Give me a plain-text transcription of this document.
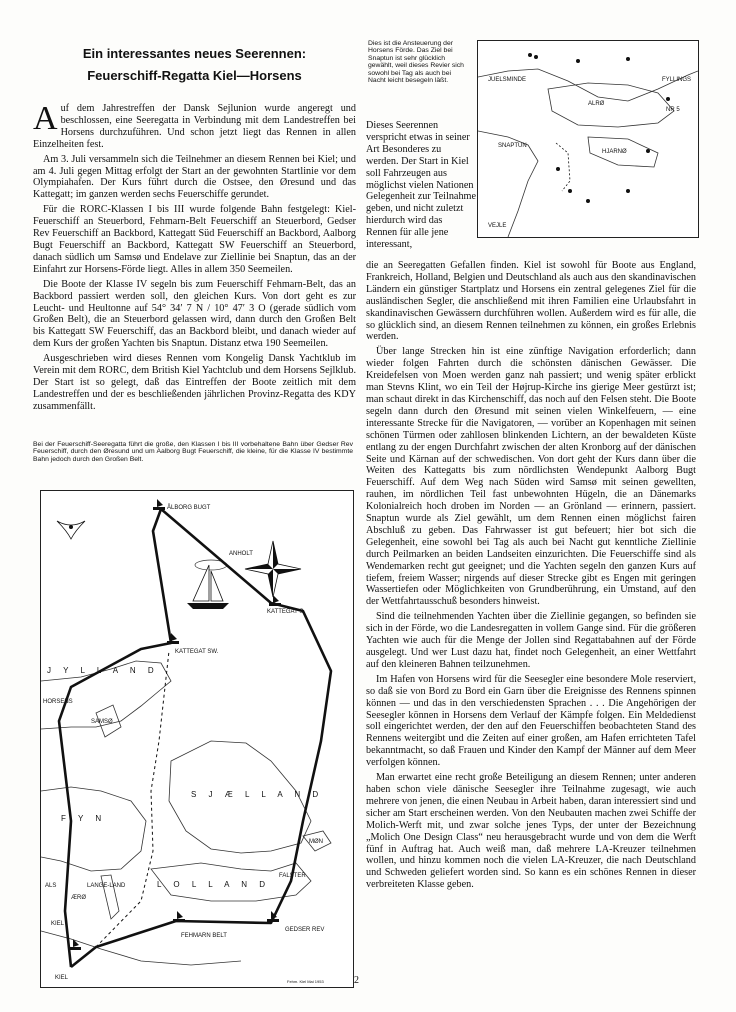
Ein interessantes neues Seerennen:
Feuerschiff-Regatta Kiel—Horsens

Auf dem Jahrestreffen der Dansk Sejlunion wurde angeregt und beschlossen, eine Seeregatta in Verbindung mit dem Landestreffen bei Horsens durchzuführen. Und schon jetzt liegt das Rennen in allen Einzelheiten fest.

Am 3. Juli versammeln sich die Teilnehmer an diesem Rennen bei Kiel; und am 4. Juli gegen Mittag erfolgt der Start an der gewohnten Startlinie vor dem Olympiahafen. Der Kurs führt durch die Ostsee, den Øresund und das Kattegatt; im ganzen werden sechs Feuerschiffe gerundet.

Für die RORC-Klassen I bis III wurde folgende Bahn festgelegt: Kiel-Feuerschiff an Steuerbord, Fehmarn-Belt Feuerschiff an Steuerbord, Gedser Rev Feuerschiff an Backbord, Kattegatt Süd Feuerschiff an Backbord, Aalborg Bugt Feuerschiff an Backbord, Kattegatt SW Feuerschiff an Steuerbord, danach südlich um Samsø und Endelave zur Ziellinie bei Snaptun, das an der Einfahrt zur Horsens-Förde liegt. Alles in allem 350 Seemeilen.

Die Boote der Klasse IV segeln bis zum Feuerschiff Fehmarn-Belt, das an Backbord passiert werden soll, den gleichen Kurs. Von dort geht es zur Leucht- und Heultonne auf 54° 34′ 7 N / 10° 47′ 3 O (gerade südlich vom Großen Belt), die an Steuerbord gelassen wird, dann durch den Großen Belt bis Kattegatt SW Feuerschiff, das an Backbord bleibt, und danach wieder auf dem Kurs der großen Yachten bis Snaptun. Distanz etwa 190 Seemeilen.

Ausgeschrieben wird dieses Rennen vom Kongelig Dansk Yachtklub im Verein mit dem RORC, dem British Kiel Yachtclub und dem Horsens Sejlklub. Der Start ist so gelegt, daß das Eintreffen der Boote zeitlich mit dem Landestreffen und der es beschließenden jährlichen Provinz-Regatta des KDY zusammenfällt.

Bei der Feuerschiff-Seeregatta führt die große, den Klassen I bis III vorbehaltene Bahn über Gedser Rev Feuerschiff, durch den Øresund und um Aalborg Bugt Feuerschiff, die kleine, für die Klasse IV bestimmte Bahn jedoch durch den Großen Belt.
ÅLBORG BUGT
ANHOLT
J Y L L A N D
KATTEGAT S.
KATTEGAT SW.
HORSENS
SAMSØ
S J Æ L L A N D
F Y N
ALS	LANGE-LAND
ÆRØ
MØN
FALSTER
L O L L A N D
KIEL
KIEL
FEHMARN BELT
GEDSER REV
Fehm. Kiel Mai 1953
Dies ist die Ansteuerung der Horsens Förde. Das Ziel bei Snaptun ist sehr glücklich gewählt, weil dieses Revier sich sowohl bei Tag als auch bei Nacht leicht besegeln läßt.	FYLLINGS
NR 5
SNAPTUN
ALRØ
JUELSMINDE
HJARNØ
VEJLE

Dieses Seerennen verspricht etwas in seiner Art Besonderes zu werden. Der Start in Kiel soll Fahrzeugen aus möglichst vielen Nationen Gelegenheit zur Teilnahme geben, und nicht zuletzt hierdurch wird das Rennen für alle jene interessant,

die an Seeregatten Gefallen finden. Kiel ist sowohl für Boote aus England, Frankreich, Holland, Belgien und Deutschland als auch aus den skandinavischen Ländern ein günstiger Startplatz und Horsens ein zentral gelegenes Ziel für die ausländischen Segler, die anschließend mit ihren Familien eine Urlaubsfahrt in skandinavischen Gewässern durchführen wollen. Außerdem wird es für alle, die so glücklich sind, an diesem Rennen teilnehmen zu können, ein großes Erlebnis werden.

Über lange Strecken hin ist eine zünftige Navigation erforderlich; dann wieder folgen Fahrten durch die schönsten dänischen Gewässer. Die Kreidefelsen von Moen werden ganz nah passiert; und wenig später erblickt man Stevns Klint, wo ein Teil der Højrup-Kirche ins gierige Meer gestürzt ist; man schaut direkt in das Kirchenschiff, das noch auf den Felsen steht. Die Boote segeln dann durch den Øresund mit seinen vielen Winkelfeuern, — eine interessante Strecke für die Navigatoren, — vorüber an Kopenhagen mit seinen schönen Türmen oder zahllosen blinkenden Lichtern, an der bewaldeten Küste entlang zu der engen Durchfahrt zwischen der alten Kronborg auf der dänischen Seite und Kärnan auf der schwedischen. Von dort geht der Kurs dann über die Weiten des Kattegatts bis zum nördlichsten Wendepunkt Aalborg Bugt Feuerschiff. Auf dem Weg nach Süden wird Samsø mit seinen gewellten, rauhen, im nördlichen Teil fast unbewohnten Hügeln, die an Dänemarks Kolonialreich hoch droben im Norden — an Grönland — erinnern, passiert. Snaptun wurde als Ziel gewählt, um dem Rennen einen möglichst fairen Abschluß zu geben. Das Fahrwasser ist gut befeuert; hier bot sich die Gelegenheit, eine sowohl bei Tag als auch bei Nacht gut kenntliche Ziellinie durch Peilmarken an beiden Landseiten einzurichten. Die Feuerschiffe sind als Wendemarken recht gut geeignet; und die Yachten segeln den ganzen Kurs auf tiefem, freiem Wasser; nirgends auf dieser Strecke gibt es Engen mit geringen Wassertiefen oder Möglichkeiten von Grundberührung, ein Umstand, auf den der Wettfahrtausschuß besonders hinweist.

Sind die teilnehmenden Yachten über die Ziellinie gegangen, so befinden sie sich in der Förde, wo die Landesregatten in vollem Gange sind. Für die größeren Yachten wie auch für die Menge der Jollen sind Regattabahnen auf der Förde ausgelegt. Und wer Lust dazu hat, findet noch Gelegenheit, an einer Wettfahrt auf den kleineren Bahnen teilzunehmen.

Im Hafen von Horsens wird für die Seesegler eine besondere Mole reserviert, so daß sie von Bord zu Bord ein Garn über die Ereignisse des Rennens spinnen können — und das in den verschiedensten Sprachen . . . Die Angehörigen der Seesegler können in Horsens dem Verlauf der Kämpfe folgen. Ein Meldedienst soll eingerichtet werden, der den auf den Feuerschiffen beobachteten Stand des Rennens weitergibt und die Zeiten auf einer großen, am Hafen errichteten Tafel bekanntmacht, so daß Frauen und Kinder den Kampf der Männer auf dem Meer verfolgen können.

Man erwartet eine recht große Beteiligung an diesem Rennen; unter anderen haben schon viele dänische Seesegler ihre Teilnahme zugesagt, wie auch mehrere von jenen, die einen Neubau in Arbeit haben, daran interessiert sind und sicher am Start erscheinen werden. Von den Neubauten machen zwei Schiffe der Molich-Werft mit, und zwar solche jenes Typs, der unter der Bezeichnung „Molich One Design Class“ neu herausgebracht wurde und von dem die Werft fünf in Auftrag hat. Auch weiß man, daß mehrere LA-Kreuzer teilnehmen wollen, und hinzu kommen noch die vielen LA-Kreuzer, die nach Deutschland und Schweden geliefert worden sind. So kann es ein schönes Rennen in dieser verbreiteten Klasse geben.

2
